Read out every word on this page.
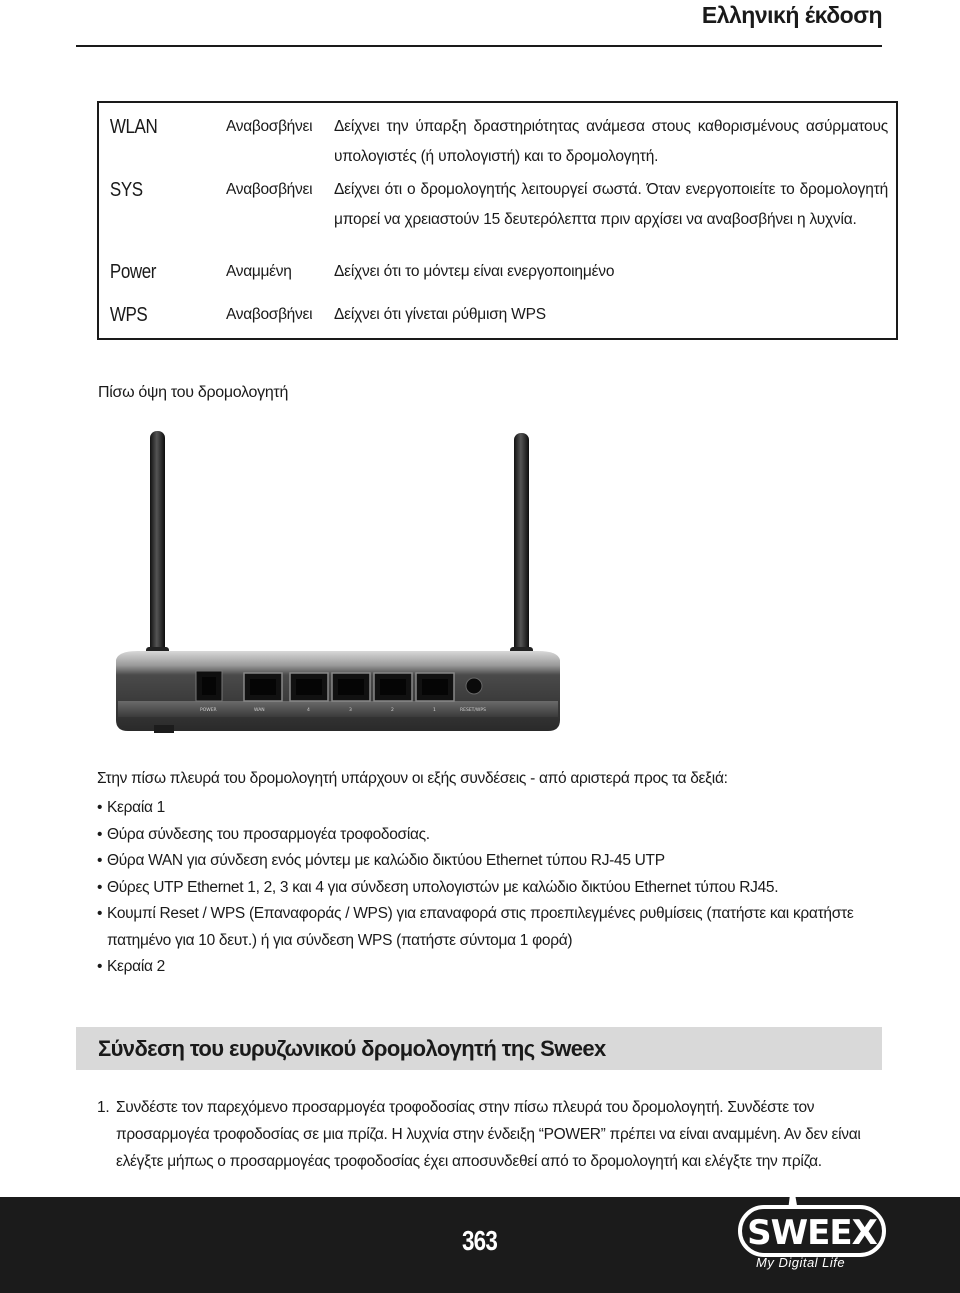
Ελληνική έκδοση
WLAN	Αναβοσβήνει	Δείχνει την ύπαρξη δραστηριότητας ανάμεσα στους καθορισμένους ασύρματους υπολογιστές (ή υπολογιστή) και το δρομολογητή.
SYS	Αναβοσβήνει	Δείχνει ότι ο δρομολογητής λειτουργεί σωστά. Όταν ενεργοποιείτε το δρομολογητή μπορεί να χρειαστούν 15 δευτερόλεπτα πριν αρχίσει να αναβοσβήνει η λυχνία.
Power	Αναμμένη	Δείχνει ότι το μόντεμ είναι ενεργοποιημένο
WPS	Αναβοσβήνει	Δείχνει ότι γίνεται ρύθμιση WPS
Πίσω όψη του δρομολογητή
POWER	WAN	4	3	2	1	RESET/WPS
Στην πίσω πλευρά του δρομολογητή υπάρχουν οι εξής συνδέσεις - από αριστερά προς τα δεξιά:
• Κεραία 1
• Θύρα σύνδεσης του προσαρμογέα τροφοδοσίας.
• Θύρα WAN για σύνδεση ενός μόντεμ με καλώδιο δικτύου Ethernet τύπου RJ-45 UTP
• Θύρες UTP Ethernet 1, 2, 3 και 4 για σύνδεση υπολογιστών με καλώδιο δικτύου Ethernet τύπου RJ45.
• Κουμπί Reset / WPS (Επαναφοράς / WPS) για επαναφορά στις προεπιλεγμένες ρυθμίσεις (πατήστε και κρατήστε πατημένο για 10 δευτ.) ή για σύνδεση WPS (πατήστε σύντομα 1 φορά)
• Κεραία 2
Σύνδεση του ευρυζωνικού δρομολογητή της Sweex
1. Συνδέστε τον παρεχόμενο προσαρμογέα τροφοδοσίας στην πίσω πλευρά του δρομολογητή. Συνδέστε τον προσαρμογέα τροφοδοσίας σε μια πρίζα. Η λυχνία στην ένδειξη “POWER” πρέπει να είναι αναμμένη. Αν δεν είναι ελέγξτε μήπως ο προσαρμογέας τροφοδοσίας έχει αποσυνδεθεί από το δρομολογητή και ελέγξτε την πρίζα.
363	SWEEX
My Digital Life
